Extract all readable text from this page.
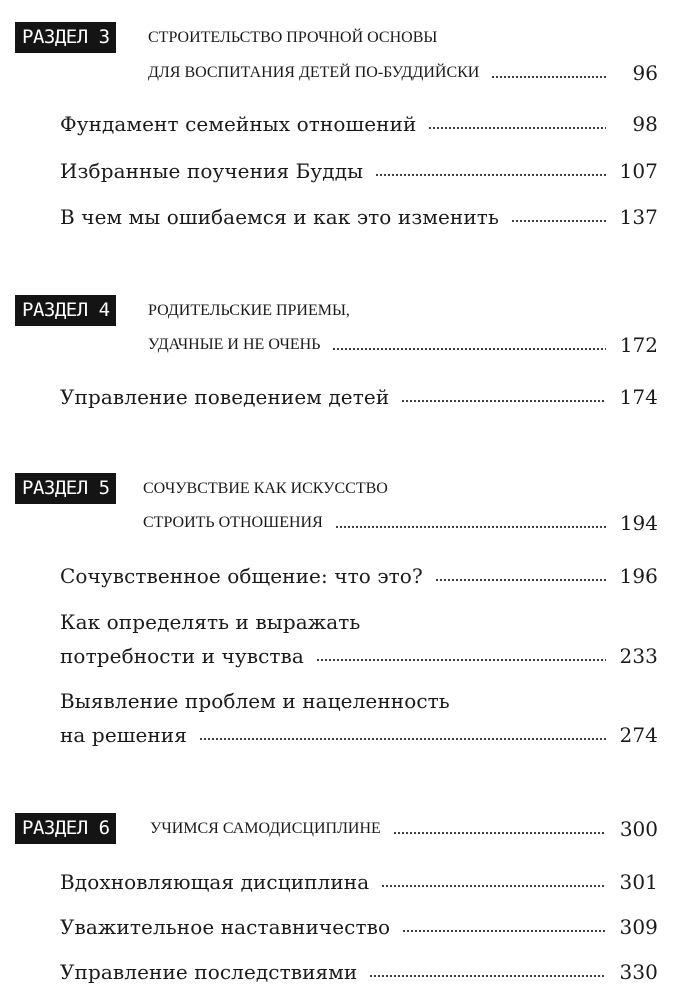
РАЗДЕЛ 3	СТРОИТЕЛЬСТВО ПРОЧНОЙ ОСНОВЫ
ДЛЯ ВОСПИТАНИЯ ДЕТЕЙ ПО-БУДДИЙСКИ	96
Фундамент семейных отношений	98
Избранные поучения Будды	107
В чем мы ошибаемся и как это изменить	137
РАЗДЕЛ 4	РОДИТЕЛЬСКИЕ ПРИЕМЫ,
УДАЧНЫЕ И НЕ ОЧЕНЬ	172
Управление поведением детей	174
РАЗДЕЛ 5	СОЧУВСТВИЕ КАК ИСКУССТВО
СТРОИТЬ ОТНОШЕНИЯ	194
Сочувственное общение: что это?	196
Как определять и выражать
потребности и чувства	233
Выявление проблем и нацеленность
на решения	274
РАЗДЕЛ 6	УЧИМСЯ САМОДИСЦИПЛИНЕ	300
Вдохновляющая дисциплина	301
Уважительное наставничество	309
Управление последствиями	330
